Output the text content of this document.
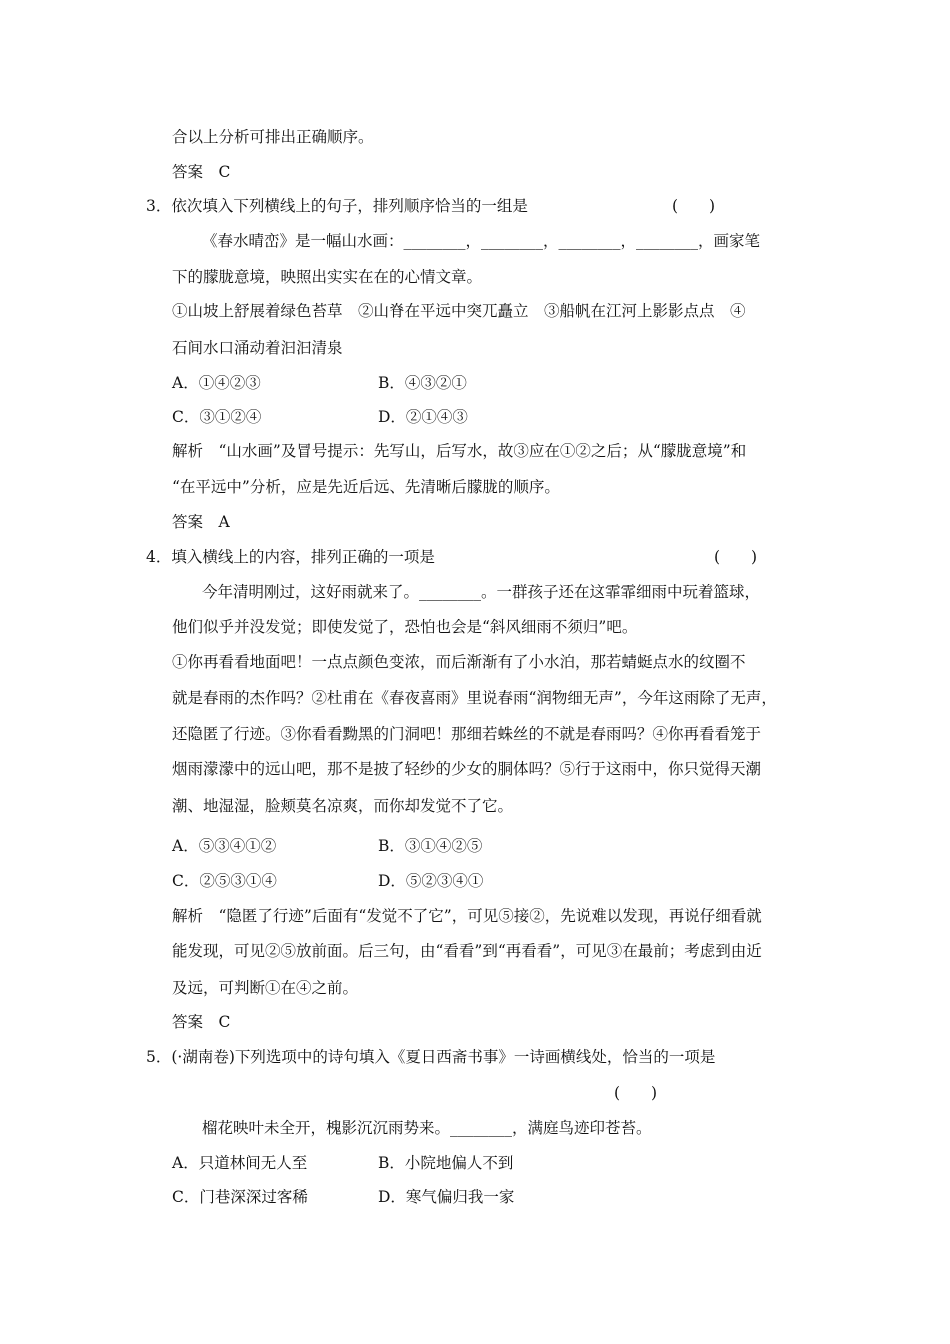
合以上分析可排出正确顺序。
答案　C
3．依次填入下列横线上的句子，排列顺序恰当的一组是	(　　)
《春水晴峦》是一幅山水画：________，________，________，________，画家笔
下的朦胧意境，映照出实实在在的心情文章。
①山坡上舒展着绿色苔草　②山脊在平远中突兀矗立　③船帆在江河上影影点点　④
石间水口涌动着汩汩清泉
A．①④②③	B．④③②①
C．③①②④	D．②①④③
解析　“山水画”及冒号提示：先写山，后写水，故③应在①②之后；从“朦胧意境”和
“在平远中”分析，应是先近后远、先清晰后朦胧的顺序。
答案　A
4．填入横线上的内容，排列正确的一项是	(　　)
今年清明刚过，这好雨就来了。________。一群孩子还在这霏霏细雨中玩着篮球，
他们似乎并没发觉；即使发觉了，恐怕也会是“斜风细雨不须归”吧。
①你再看看地面吧！一点点颜色变浓，而后渐渐有了小水泊，那若蜻蜓点水的纹圈不
就是春雨的杰作吗？②杜甫在《春夜喜雨》里说春雨“润物细无声”，今年这雨除了无声，
还隐匿了行迹。③你看看黝黑的门洞吧！那细若蛛丝的不就是春雨吗？④你再看看笼于
烟雨濛濛中的远山吧，那不是披了轻纱的少女的胴体吗？⑤行于这雨中，你只觉得天潮
潮、地湿湿，脸颊莫名凉爽，而你却发觉不了它。
A．⑤③④①②	B．③①④②⑤
C．②⑤③①④	D．⑤②③④①
解析　“隐匿了行迹”后面有“发觉不了它”，可见⑤接②，先说难以发现，再说仔细看就
能发现，可见②⑤放前面。后三句，由“看看”到“再看看”，可见③在最前；考虑到由近
及远，可判断①在④之前。
答案　C
5．(·湖南卷)下列选项中的诗句填入《夏日西斋书事》一诗画横线处，恰当的一项是
(　　)
榴花映叶未全开，槐影沉沉雨势来。________，满庭鸟迹印苍苔。
A．只道林间无人至	B．小院地偏人不到
C．门巷深深过客稀	D．寒气偏归我一家
